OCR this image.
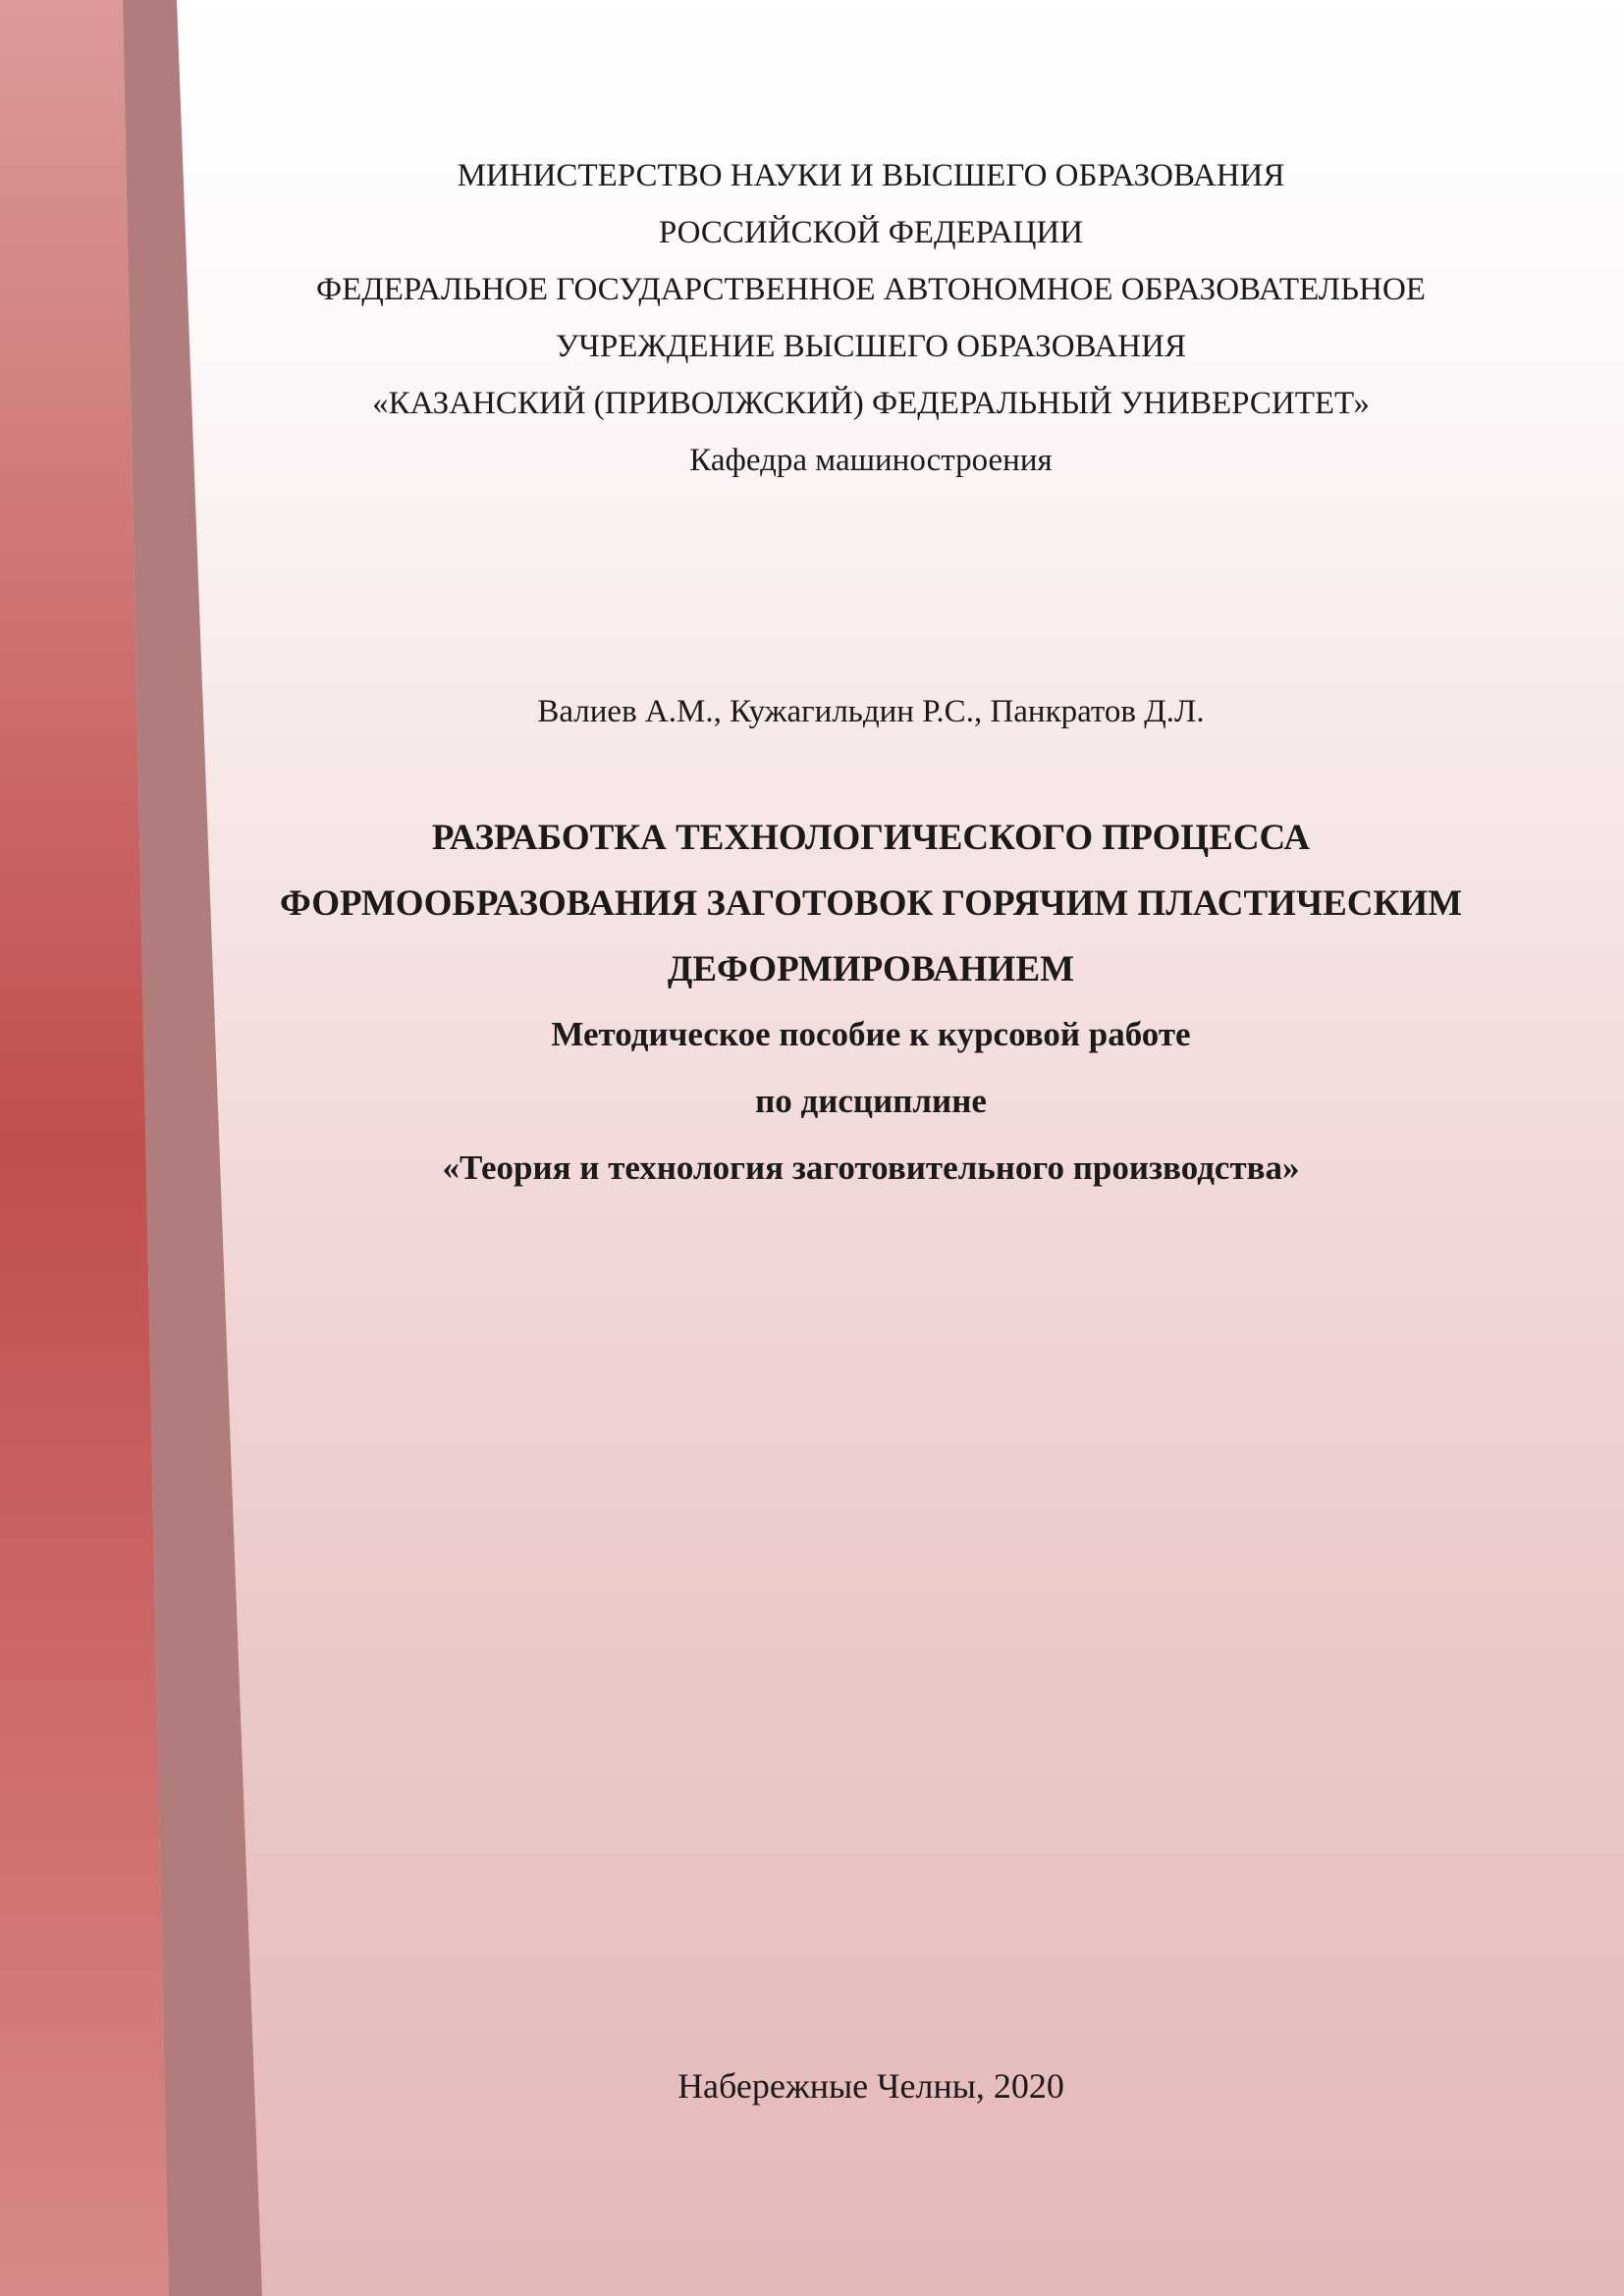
МИНИСТЕРСТВО НАУКИ И ВЫСШЕГО ОБРАЗОВАНИЯ
РОССИЙСКОЙ ФЕДЕРАЦИИ
ФЕДЕРАЛЬНОЕ ГОСУДАРСТВЕННОЕ АВТОНОМНОЕ ОБРАЗОВАТЕЛЬНОЕ
УЧРЕЖДЕНИЕ ВЫСШЕГО ОБРАЗОВАНИЯ
«КАЗАНСКИЙ (ПРИВОЛЖСКИЙ) ФЕДЕРАЛЬНЫЙ УНИВЕРСИТЕТ»
Кафедра машиностроения
Валиев А.М., Кужагильдин Р.С., Панкратов Д.Л.
РАЗРАБОТКА ТЕХНОЛОГИЧЕСКОГО ПРОЦЕССА
ФОРМООБРАЗОВАНИЯ ЗАГОТОВОК ГОРЯЧИМ ПЛАСТИЧЕСКИМ
ДЕФОРМИРОВАНИЕМ
Методическое пособие к курсовой работе
по дисциплине
«Теория и технология заготовительного производства»
Набережные Челны, 2020
